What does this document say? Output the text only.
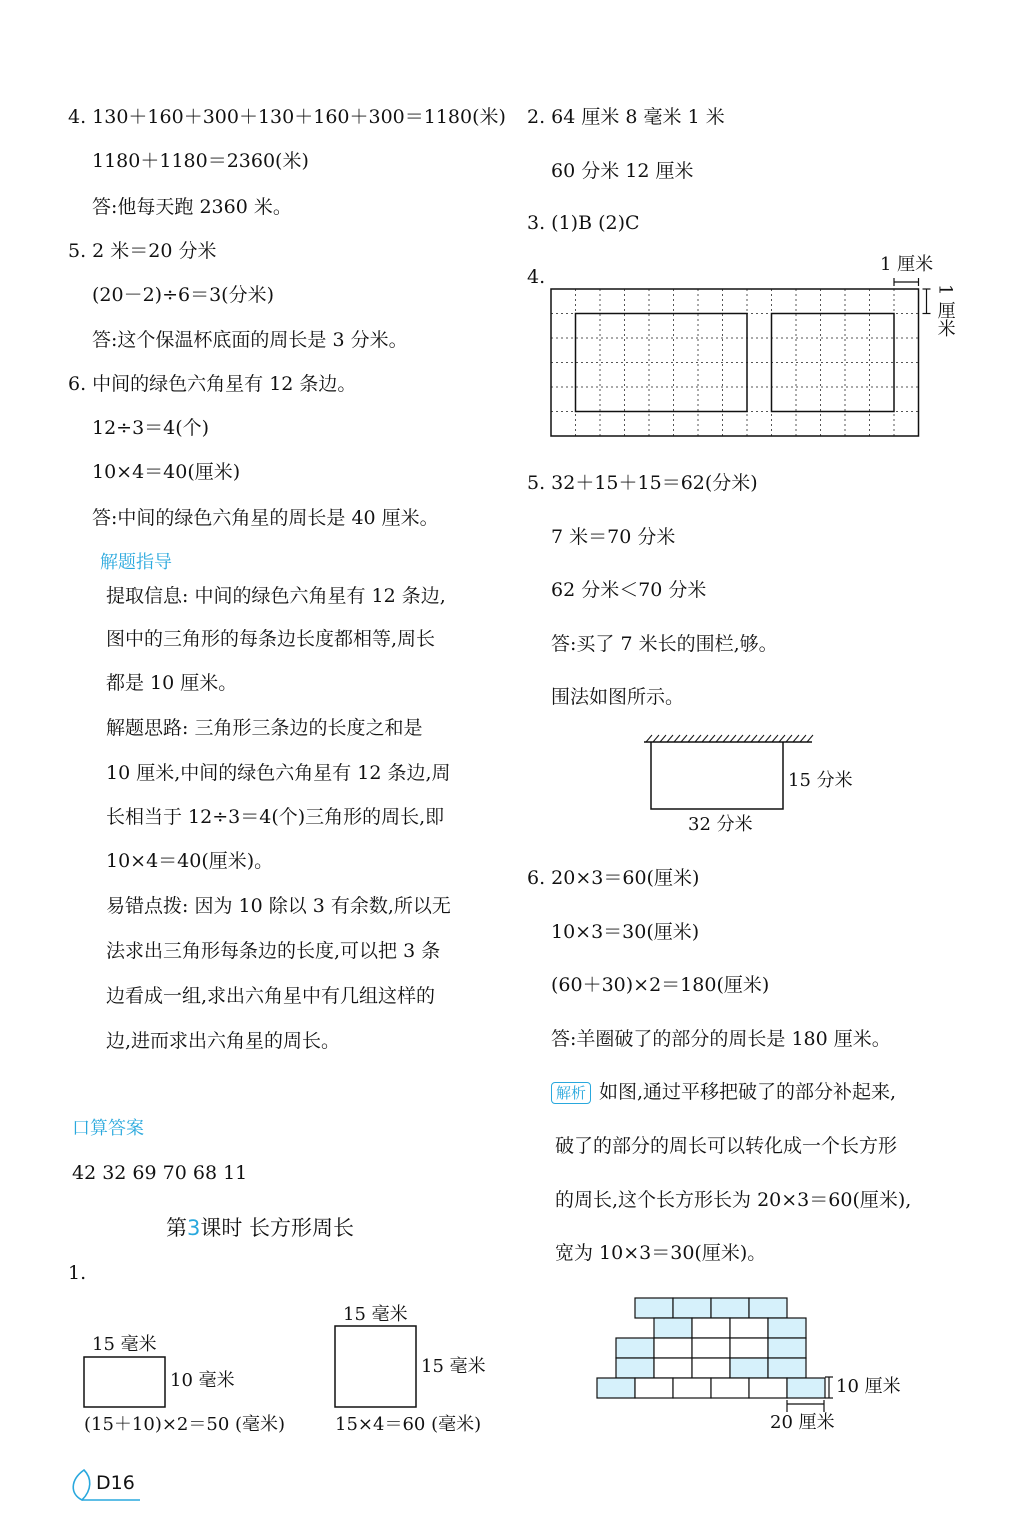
4. 130＋160＋300＋130＋160＋300＝1180(米)
1180＋1180＝2360(米)
答:他每天跑 2360 米。
5. 2 米＝20 分米
(20－2)÷6＝3(分米)
答:这个保温杯底面的周长是 3 分米。
6. 中间的绿色六角星有 12 条边。
12÷3＝4(个)
10×4＝40(厘米)
答:中间的绿色六角星的周长是 40 厘米。
解题指导
提取信息: 中间的绿色六角星有 12 条边,
图中的三角形的每条边长度都相等,周长
都是 10 厘米。
解题思路: 三角形三条边的长度之和是
10 厘米,中间的绿色六角星有 12 条边,周
长相当于 12÷3＝4(个)三角形的周长,即
10×4＝40(厘米)。
易错点拨: 因为 10 除以 3 有余数,所以无
法求出三角形每条边的长度,可以把 3 条
边看成一组,求出六角星中有几组这样的
边,进而求出六角星的周长。
口算答案
42 32 69 70 68 11
第3课时 长方形周长
1.
15 毫米
10 毫米
(15＋10)×2＝50 (毫米)
15 毫米
15 毫米
15×4＝60 (毫米)
D16
2. 64 厘米 8 毫米 1 米
60 分米 12 厘米
3. (1)B (2)C
4.
1 厘米
1 厘米
5. 32＋15＋15＝62(分米)
7 米＝70 分米
62 分米＜70 分米
答:买了 7 米长的围栏,够。
围法如图所示。
15 分米
32 分米
6. 20×3＝60(厘米)
10×3＝30(厘米)
(60＋30)×2＝180(厘米)
答:羊圈破了的部分的周长是 180 厘米。
解析 如图,通过平移把破了的部分补起来,
破了的部分的周长可以转化成一个长方形
的周长,这个长方形长为 20×3＝60(厘米),
宽为 10×3＝30(厘米)。
10 厘米
20 厘米
